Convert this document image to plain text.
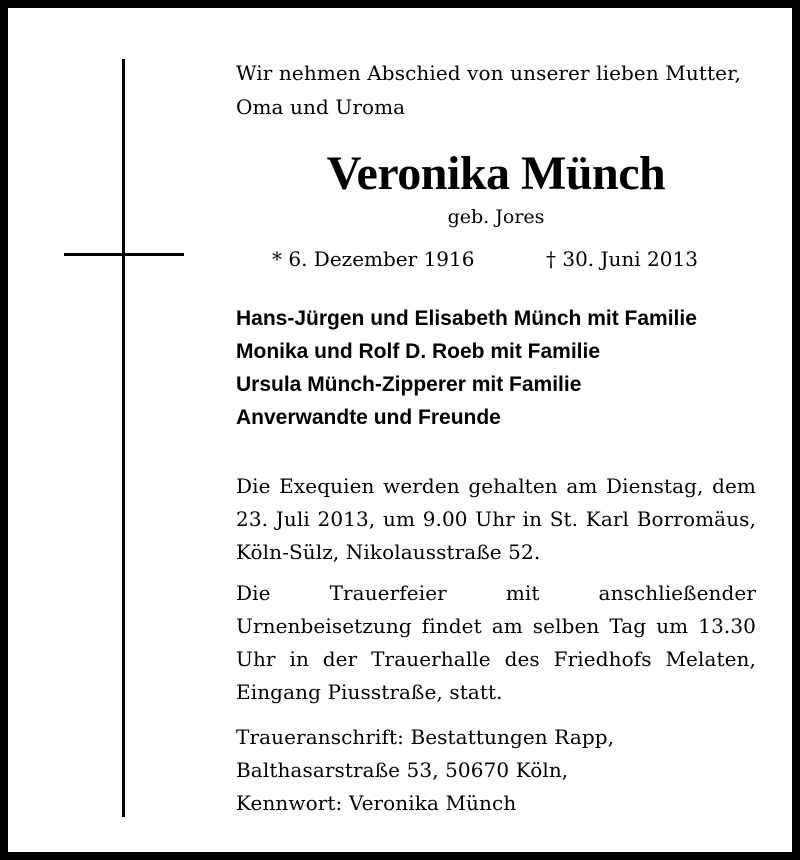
Wir nehmen Abschied von unserer lieben Mutter,
Oma und Uroma
Veronika Münch
geb. Jores
* 6. Dezember 1916	† 30. Juni 2013
Hans-Jürgen und Elisabeth Münch mit Familie
Monika und Rolf D. Roeb mit Familie
Ursula Münch-Zipperer mit Familie
Anverwandte und Freunde
Die Exequien werden gehalten am Dienstag, dem 23. Juli 2013, um 9.00 Uhr in St. Karl Borromäus, Köln-Sülz, Nikolausstraße 52.
Die Trauerfeier mit anschließender Urnenbeisetzung findet am selben Tag um 13.30 Uhr in der Trauerhalle des Friedhofs Melaten, Eingang Piusstraße, statt.
Traueranschrift: Bestattungen Rapp,
Balthasarstraße 53, 50670 Köln,
Kennwort: Veronika Münch
